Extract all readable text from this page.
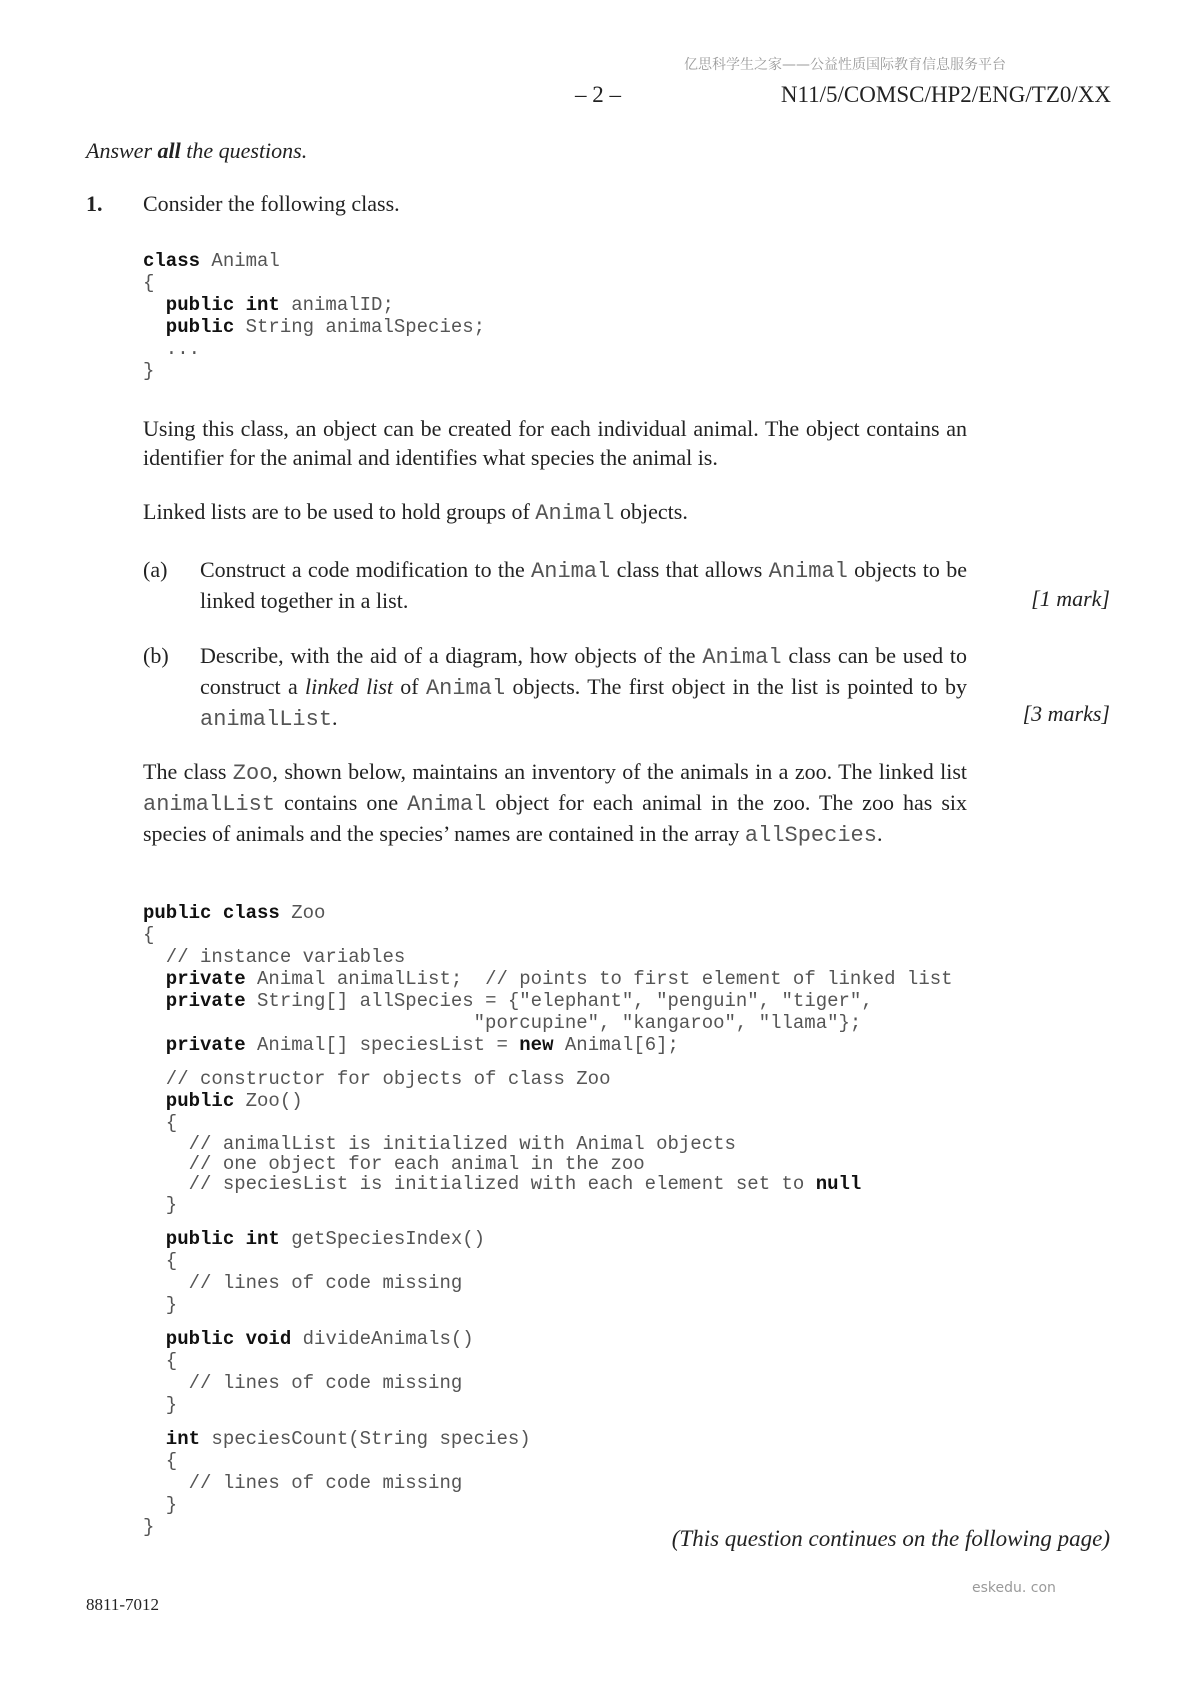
亿思科学生之家——公益性质国际教育信息服务平台
– 2 –	N11/5/COMSC/HP2/ENG/TZ0/XX
Answer all the questions.
1. Consider the following class.
class Animal
{
public int animalID;
public String animalSpecies;
...
}
Using this class, an object can be created for each individual animal. The object contains an identifier for the animal and identifies what species the animal is.
Linked lists are to be used to hold groups of Animal objects.
(a) Construct a code modification to the Animal class that allows Animal objects to be linked together in a list.	[1 mark]
(b) Describe, with the aid of a diagram, how objects of the Animal class can be used to construct a linked list of Animal objects. The first object in the list is pointed to by animalList.	[3 marks]
The class Zoo, shown below, maintains an inventory of the animals in a zoo. The linked list animalList contains one Animal object for each animal in the zoo. The zoo has six species of animals and the species’ names are contained in the array allSpecies.
public class Zoo
{
// instance variables
private Animal animalList;  // points to first element of linked list
private String[] allSpecies = {"elephant", "penguin", "tiger",
"porcupine", "kangaroo", "llama"};
private Animal[] speciesList = new Animal[6];
// constructor for objects of class Zoo
public Zoo()
{
// animalList is initialized with Animal objects
// one object for each animal in the zoo
// speciesList is initialized with each element set to null
}
public int getSpeciesIndex()
{
// lines of code missing
}
public void divideAnimals()
{
// lines of code missing
}
int speciesCount(String species)
{
// lines of code missing
}
}	(This question continues on the following page)
eskedu. con
8811-7012
